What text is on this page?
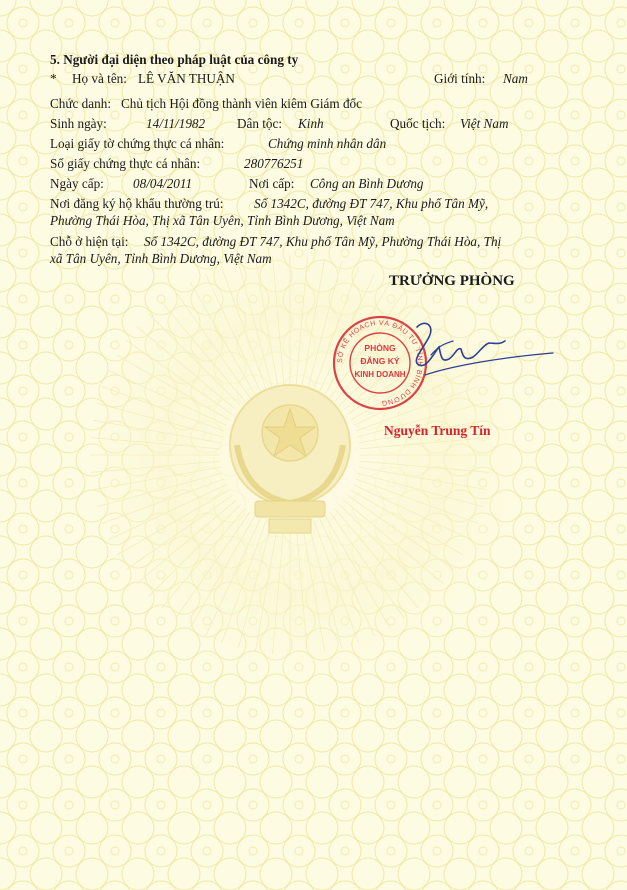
5. Người đại diện theo pháp luật của công ty
* Họ và tên: LÊ VĂN THUẬN	Giới tính: Nam
Chức danh: Chủ tịch Hội đồng thành viên kiêm Giám đốc
Sinh ngày:	14/11/1982 Dân tộc: Kinh	Quốc tịch: Việt Nam
Loại giấy tờ chứng thực cá nhân:	Chứng minh nhân dân
Số giấy chứng thực cá nhân:	280776251
Ngày cấp: 08/04/2011	Nơi cấp: Công an Bình Dương
Nơi đăng ký hộ khẩu thường trú: Số 1342C, đường ĐT 747, Khu phố Tân Mỹ,
Phường Thái Hòa, Thị xã Tân Uyên, Tỉnh Bình Dương, Việt Nam
Chỗ ở hiện tại: Số 1342C, đường ĐT 747, Khu phố Tân Mỹ, Phường Thái Hòa, Thị
xã Tân Uyên, Tỉnh Bình Dương, Việt Nam
TRƯỞNG PHÒNG
SỞ KẾ HOẠCH VÀ ĐẦU TƯ TỈNH BÌNH DƯƠNG
PHÒNG
ĐĂNG KÝ
KINH DOANH
Nguyễn Trung Tín
